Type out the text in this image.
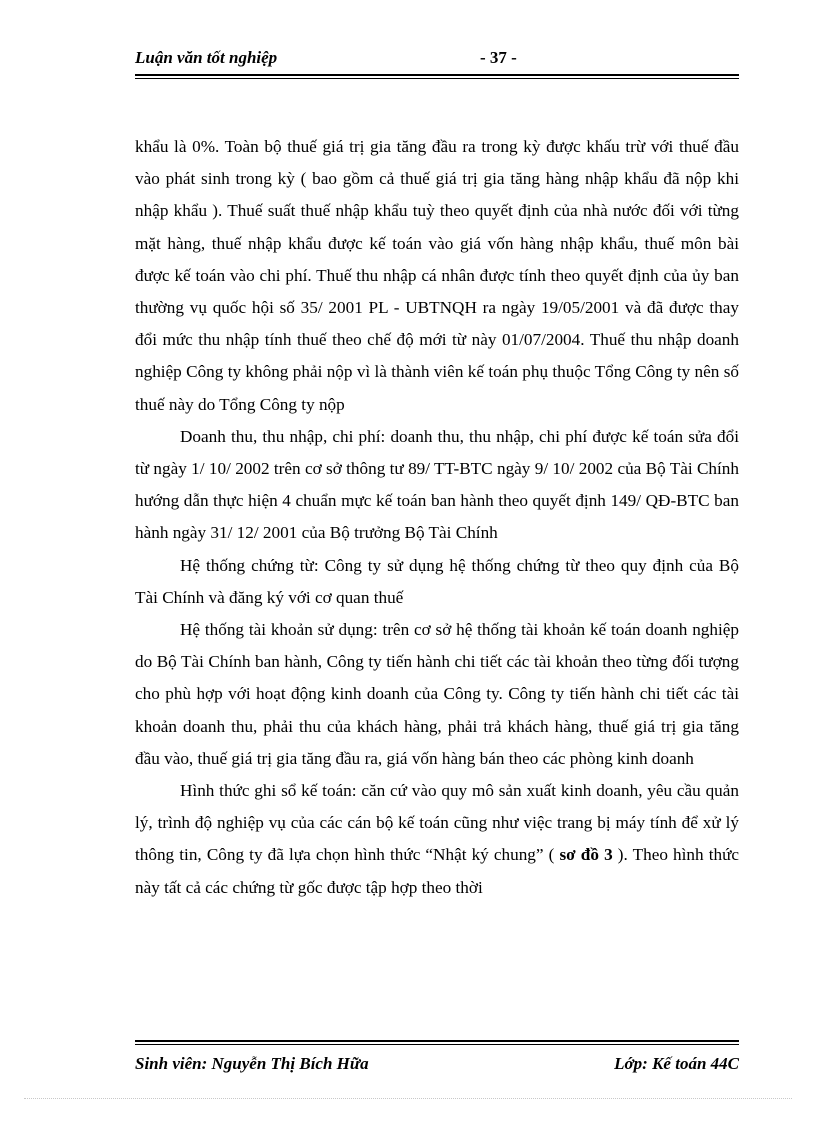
Luận văn tốt nghiệp	- 37 -

khẩu là 0%. Toàn bộ thuế giá trị gia tăng đầu ra trong kỳ được khấu trừ với thuế đầu vào phát sinh trong kỳ ( bao gồm cả thuế giá trị gia tăng hàng nhập khẩu đã nộp khi nhập khẩu ). Thuế suất thuế nhập khẩu tuỳ theo quyết định của nhà nước đối với từng mặt hàng, thuế nhập khẩu được kế toán vào giá vốn hàng nhập khẩu, thuế môn bài được kế toán vào chi phí. Thuế thu nhập cá nhân được tính theo quyết định của ủy ban thường vụ quốc hội số 35/ 2001 PL - UBTNQH ra ngày 19/05/2001 và đã được thay đổi mức thu nhập tính thuế theo chế độ mới từ này 01/07/2004. Thuế thu nhập doanh nghiệp Công ty không phải nộp vì là thành viên kế toán phụ thuộc Tổng Công ty nên số thuế này do Tổng Công ty nộp

Doanh thu, thu nhập, chi phí: doanh thu, thu nhập, chi phí được kế toán sửa đổi từ ngày 1/ 10/ 2002 trên cơ sở thông tư 89/ TT-BTC ngày 9/ 10/ 2002 của Bộ Tài Chính hướng dẫn thực hiện 4 chuẩn mực kế toán ban hành theo quyết định 149/ QĐ-BTC ban hành ngày 31/ 12/ 2001 của Bộ trưởng Bộ Tài Chính

Hệ thống chứng từ: Công ty sử dụng hệ thống chứng từ theo quy định của Bộ Tài Chính và đăng ký với cơ quan thuế

Hệ thống tài khoản sử dụng: trên cơ sở hệ thống tài khoản kế toán doanh nghiệp do Bộ Tài Chính ban hành, Công ty tiến hành chi tiết các tài khoản theo từng đối tượng cho phù hợp với hoạt động kinh doanh của Công ty. Công ty tiến hành chi tiết các tài khoản doanh thu, phải thu của khách hàng, phải trả khách hàng, thuế giá trị gia tăng đầu vào, thuế giá trị gia tăng đầu ra, giá vốn hàng bán theo các phòng kinh doanh

Hình thức ghi sổ kế toán: căn cứ vào quy mô sản xuất kinh doanh, yêu cầu quản lý, trình độ nghiệp vụ của các cán bộ kế toán cũng như việc trang bị máy tính để xử lý thông tin, Công ty đã lựa chọn hình thức “Nhật ký chung” ( sơ đồ 3 ). Theo hình thức này tất cả các chứng từ gốc được tập hợp theo thời

Sinh viên: Nguyễn Thị Bích Hữa	Lớp: Kế toán 44C
